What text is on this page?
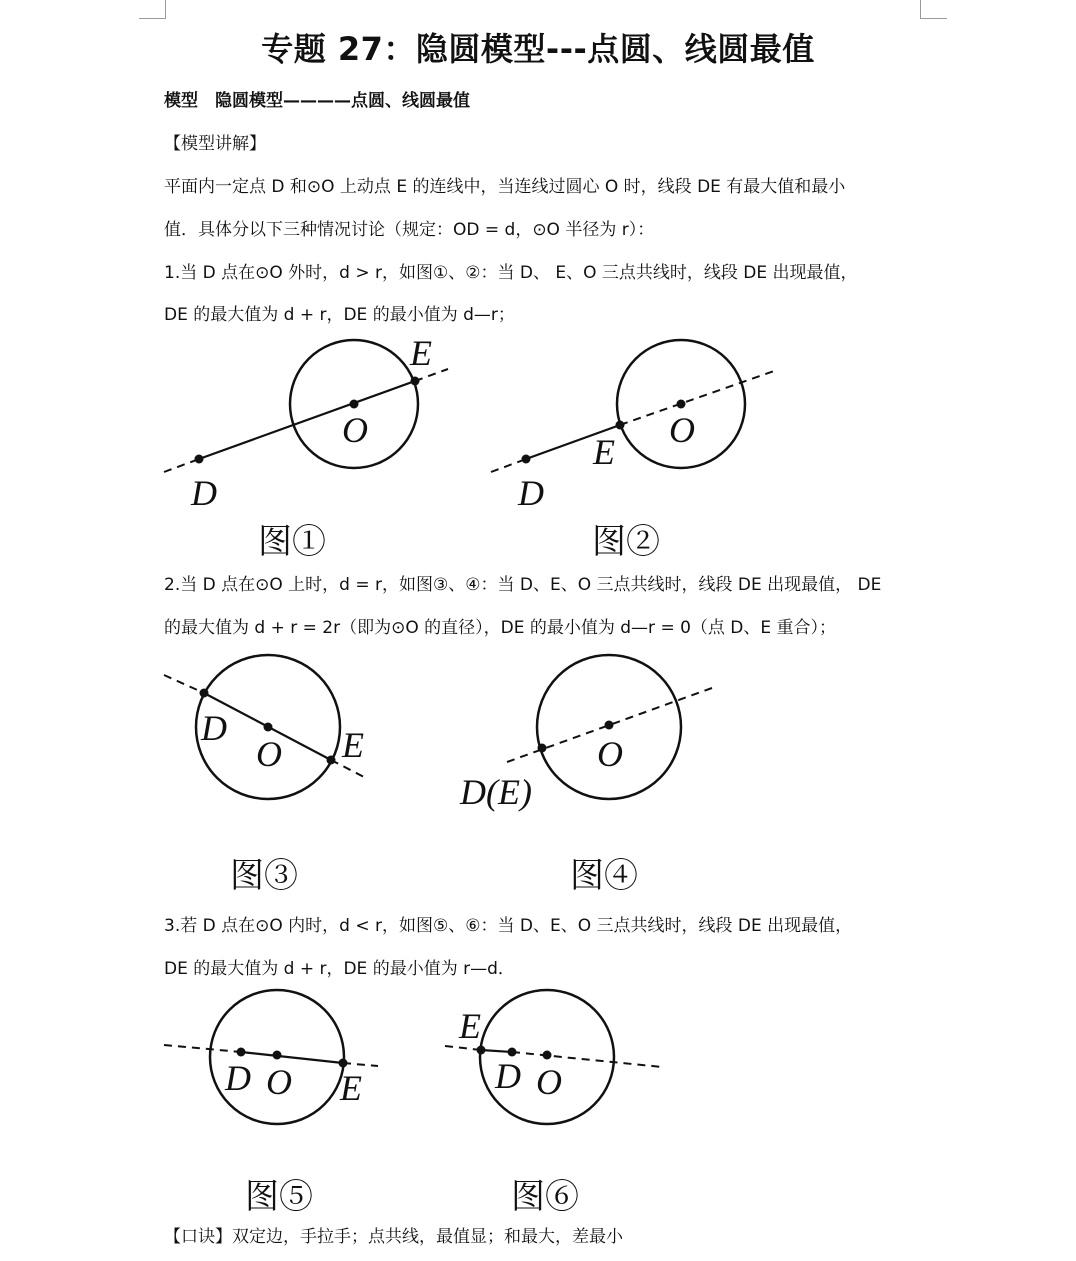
专题 27：隐圆模型---点圆、线圆最值
模型　隐圆模型————点圆、线圆最值
【模型讲解】
平面内一定点 D 和⊙O 上动点 E 的连线中，当连线过圆心 O 时，线段 DE 有最大值和最小
值．具体分以下三种情况讨论（规定：OD = d，⊙O 半径为 r）：
1.当 D 点在⊙O 外时，d > r，如图①、②：当 D、 E、O 三点共线时，线段 DE 出现最值，
DE 的最大值为 d + r，DE 的最小值为 d—r；
D
O
E
D
E
O
D
O E
D(E)
O
D O E
E
D O
图①	图②
2.当 D 点在⊙O 上时，d = r，如图③、④：当 D、E、O 三点共线时，线段 DE 出现最值， DE
的最大值为 d + r = 2r（即为⊙O 的直径），DE 的最小值为 d—r = 0（点 D、E 重合）；
图③	图④
3.若 D 点在⊙O 内时，d < r，如图⑤、⑥：当 D、E、O 三点共线时，线段 DE 出现最值，
DE 的最大值为 d + r，DE 的最小值为 r—d．
图⑤	图⑥
【口诀】双定边，手拉手；点共线，最值显；和最大，差最小
